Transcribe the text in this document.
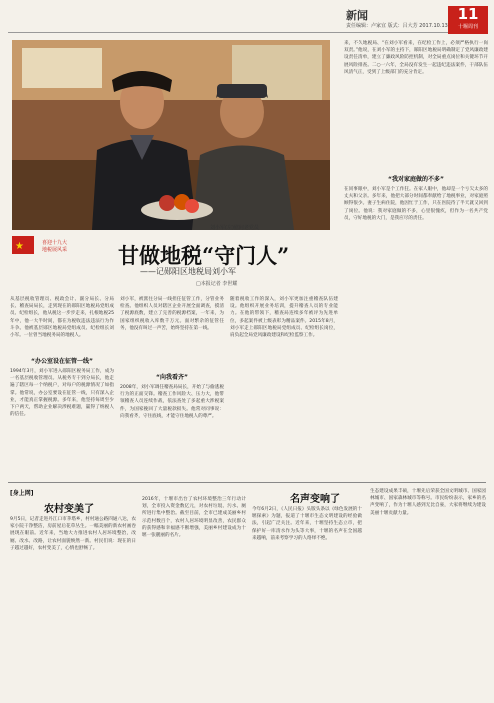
新闻
责任编辑：卢家宜 版式：吕大芳 2017.10.13
11
十堰周刊
刘小军(左)慰问老党员
★	喜迎十九大
地税展风采 甘做地税“守门人”
——记郧阳区地税局刘小军
□本报记者 李世耀
来，不久地税局、“在刘小军看来，在纪检工作上，必须严格执行一岗双责。”他说，在刘小军的主持下，郧阳区地税局明确制定了党风廉政建设责任清单，建立了廉政风险防控机制，对全局重点岗位和关键环节开展风险排查。二○一六年，全局没有发生一起违纪违法案件，干部队伍风清气正，受到了上级部门的充分肯定。
“我对家庭做的不多”
在同事眼中，刘小军是个工作狂。在家人眼中，他却是一个亏欠太多的丈夫和父亲。多年来，他把大部分时间都奉献给了地税事业，对家庭照顾得很少。妻子生病住院，他因忙于工作，只在医院待了半天就又回到了岗位。他说：我对家庭做的不多，心里很愧疚，但作为一名共产党员，守好地税的大门，是我应尽的责任。
从基层税收管理员、税政会计、副分局长、分局长、稽查局局长，走到现在的郧阳区地税局党组成员、纪检组长，他从税这一步步走来，扎根地税25年中，他一大半时间，都在为税收违法违法行为作斗争。他被基层郧区地税局党组成员、纪检组长刘小军。一位曾当地税务局的地税人。
“办公室设在征管一线”
1994年3月，刘小军进入郧阳区税务局工作，成为一名基层税收管理员。从税务专干到分局长，他走遍了辖区每一个纳税户，对每户的税源情况了如指掌。他常说，办公室要设在征管一线，只有深入企业，才能真正掌握税源。多年来，他坚持每周至少下户两天，帮助企业解决涉税难题，赢得了纳税人的信任。
刘小军，被派往分局一线担任征管工作，分管业务检查。他组织人员对辖区企业开展全面调查，摸清了税源底数，建立了完善的税源档案，一年来，为国家组织税收入库数千万元。面对繁杂的征管任务，他没有叫过一声苦，始终坚持在第一线。
“向我看齐”
2008年，刘小军调任稽查局局长，开始了与偷逃税行为的正面交锋。稽查工作风险大、压力大，他带领稽查人员连续作战，依法查处了多起重大涉税案件，为国家挽回了大量税款损失。他常对同事说：向我看齐，守住底线，才能守住地税人的尊严。
随着税收工作的深入，刘小军更加注重稽查队伍建设。他组织开展业务培训，提升稽查人员的专业能力。在他的带领下，稽查局连续多年被评为先进单位，多起案件被上级表彰为精品案件。2015年8月，刘小军走上郧阳区地税局党组成员、纪检组长岗位，肩负起全局党风廉政建设和纪检监察工作。
[身上网]
农村变美了
9月5日，记者走进丹江口市茅塔乡，村村通公路四通八达，农家小院干净整洁，房前屋后花草丛生。一幅美丽的新农村画卷展现在眼前。近年来，当地大力推进农村人居环境整治，改厕、改水、改路，让农村面貌焕然一新。村民们说：现在的日子越过越好，农村变美了，心情也舒畅了。
2016年，十堰市出台了农村环境整治三年行动计划，全市投入资金数亿元，对农村垃圾、污水、厕所进行集中整治。截至目前，全市已建成美丽乡村示范村数百个，农村人居环境明显改善，农民群众的获得感和幸福感不断增强，美丽乡村建设成为十堰一张靓丽的名片。
名声变响了
今年6月2日，《人民日报》头版头条以《绿色发展的十堰探索》为题，报道了十堰市生态文明建设的经验做法，引起广泛关注。近年来，十堰坚持生态立市，把保护好一库清水作为头等大事，十堰的名声在全国越来越响，前来考察学习的人络绎不绝。
生态建设成果丰硕，十堰先后荣获全国文明城市、国家园林城市、国家森林城市等称号。市民纷纷表示，家乡的名声变响了，作为十堰人感到无比自豪，大家将继续为建设美丽十堰贡献力量。
